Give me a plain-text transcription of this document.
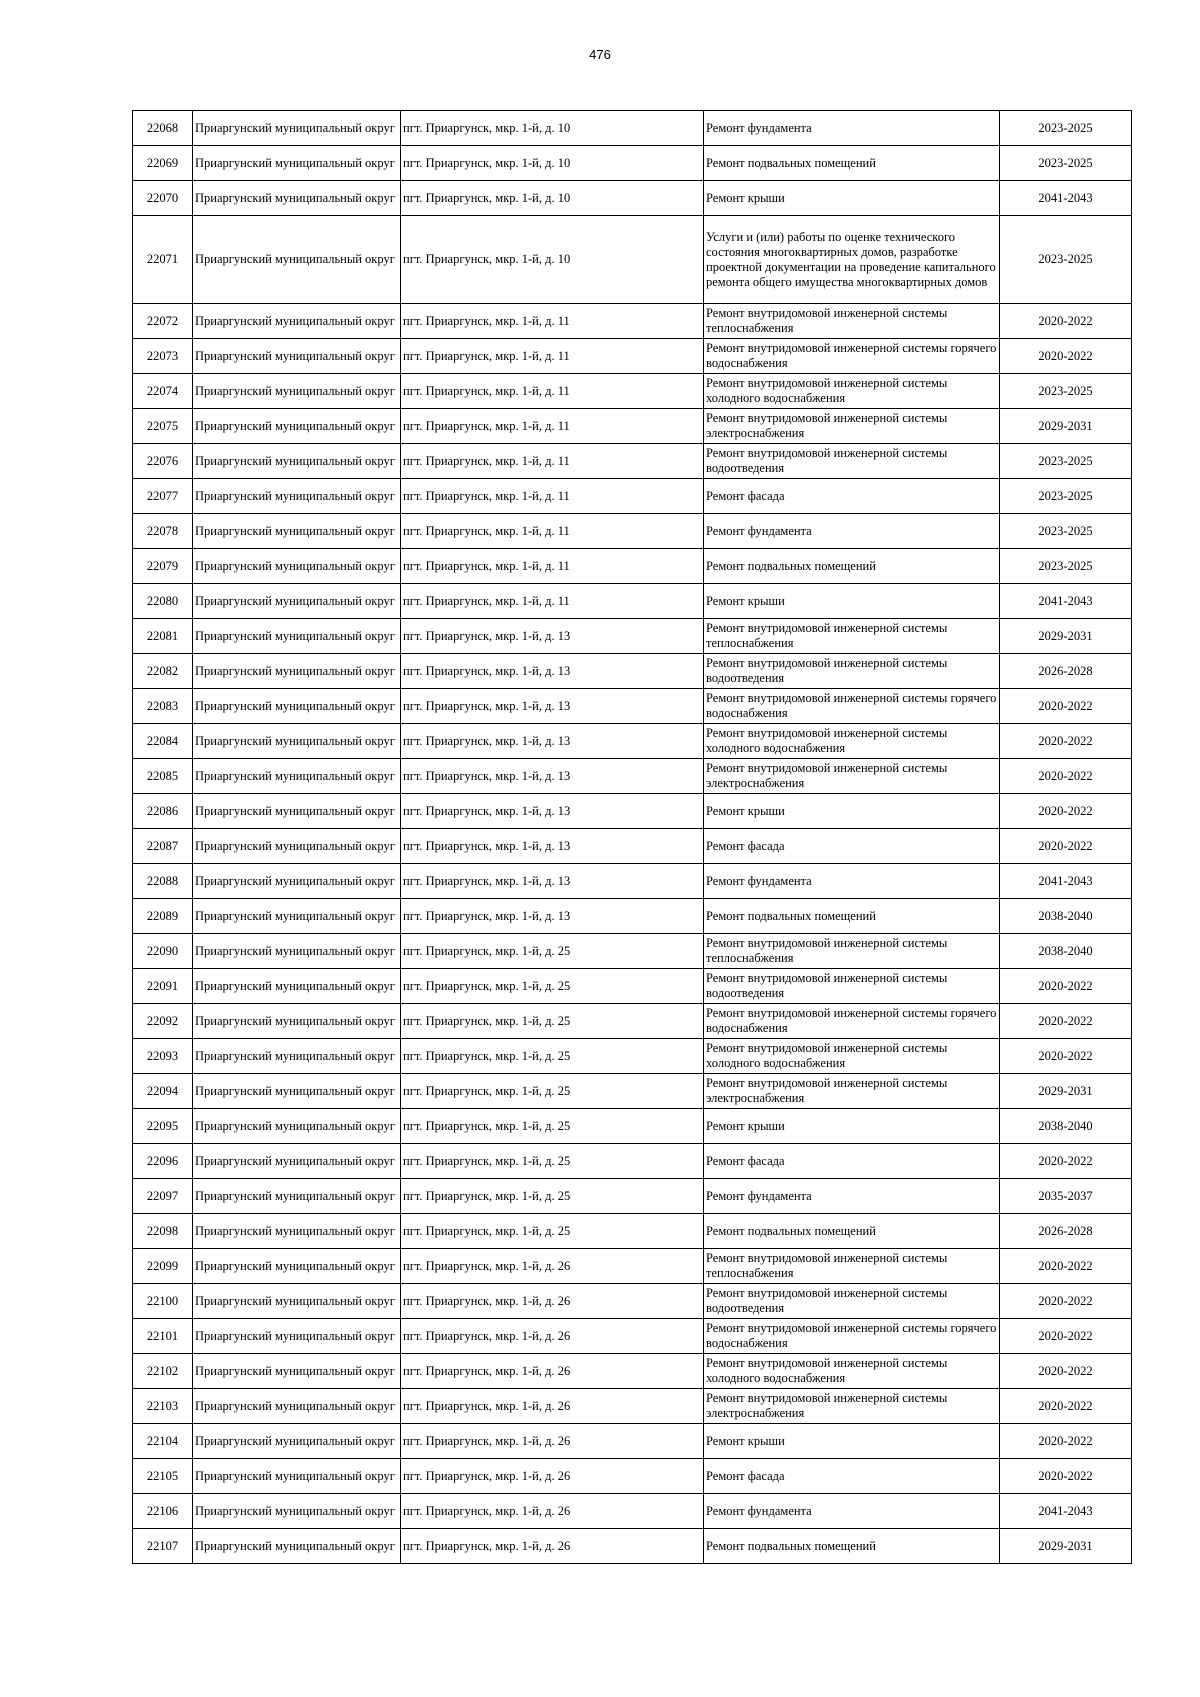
476
22068	Приаргунский муниципальный округ	пгт. Приаргунск, мкр. 1-й, д. 10	Ремонт фундамента	2023-2025
22069	Приаргунский муниципальный округ	пгт. Приаргунск, мкр. 1-й, д. 10	Ремонт подвальных помещений	2023-2025
22070	Приаргунский муниципальный округ	пгт. Приаргунск, мкр. 1-й, д. 10	Ремонт крыши	2041-2043
22071	Приаргунский муниципальный округ	пгт. Приаргунск, мкр. 1-й, д. 10	Услуги и (или) работы по оценке технического состояния многоквартирных домов, разработке проектной документации на проведение капитального ремонта общего имущества многоквартирных домов	2023-2025
22072	Приаргунский муниципальный округ	пгт. Приаргунск, мкр. 1-й, д. 11	Ремонт внутридомовой инженерной системы теплоснабжения	2020-2022
22073	Приаргунский муниципальный округ	пгт. Приаргунск, мкр. 1-й, д. 11	Ремонт внутридомовой инженерной системы горячего водоснабжения	2020-2022
22074	Приаргунский муниципальный округ	пгт. Приаргунск, мкр. 1-й, д. 11	Ремонт внутридомовой инженерной системы холодного водоснабжения	2023-2025
22075	Приаргунский муниципальный округ	пгт. Приаргунск, мкр. 1-й, д. 11	Ремонт внутридомовой инженерной системы электроснабжения	2029-2031
22076	Приаргунский муниципальный округ	пгт. Приаргунск, мкр. 1-й, д. 11	Ремонт внутридомовой инженерной системы водоотведения	2023-2025
22077	Приаргунский муниципальный округ	пгт. Приаргунск, мкр. 1-й, д. 11	Ремонт фасада	2023-2025
22078	Приаргунский муниципальный округ	пгт. Приаргунск, мкр. 1-й, д. 11	Ремонт фундамента	2023-2025
22079	Приаргунский муниципальный округ	пгт. Приаргунск, мкр. 1-й, д. 11	Ремонт подвальных помещений	2023-2025
22080	Приаргунский муниципальный округ	пгт. Приаргунск, мкр. 1-й, д. 11	Ремонт крыши	2041-2043
22081	Приаргунский муниципальный округ	пгт. Приаргунск, мкр. 1-й, д. 13	Ремонт внутридомовой инженерной системы теплоснабжения	2029-2031
22082	Приаргунский муниципальный округ	пгт. Приаргунск, мкр. 1-й, д. 13	Ремонт внутридомовой инженерной системы водоотведения	2026-2028
22083	Приаргунский муниципальный округ	пгт. Приаргунск, мкр. 1-й, д. 13	Ремонт внутридомовой инженерной системы горячего водоснабжения	2020-2022
22084	Приаргунский муниципальный округ	пгт. Приаргунск, мкр. 1-й, д. 13	Ремонт внутридомовой инженерной системы холодного водоснабжения	2020-2022
22085	Приаргунский муниципальный округ	пгт. Приаргунск, мкр. 1-й, д. 13	Ремонт внутридомовой инженерной системы электроснабжения	2020-2022
22086	Приаргунский муниципальный округ	пгт. Приаргунск, мкр. 1-й, д. 13	Ремонт крыши	2020-2022
22087	Приаргунский муниципальный округ	пгт. Приаргунск, мкр. 1-й, д. 13	Ремонт фасада	2020-2022
22088	Приаргунский муниципальный округ	пгт. Приаргунск, мкр. 1-й, д. 13	Ремонт фундамента	2041-2043
22089	Приаргунский муниципальный округ	пгт. Приаргунск, мкр. 1-й, д. 13	Ремонт подвальных помещений	2038-2040
22090	Приаргунский муниципальный округ	пгт. Приаргунск, мкр. 1-й, д. 25	Ремонт внутридомовой инженерной системы теплоснабжения	2038-2040
22091	Приаргунский муниципальный округ	пгт. Приаргунск, мкр. 1-й, д. 25	Ремонт внутридомовой инженерной системы водоотведения	2020-2022
22092	Приаргунский муниципальный округ	пгт. Приаргунск, мкр. 1-й, д. 25	Ремонт внутридомовой инженерной системы горячего водоснабжения	2020-2022
22093	Приаргунский муниципальный округ	пгт. Приаргунск, мкр. 1-й, д. 25	Ремонт внутридомовой инженерной системы холодного водоснабжения	2020-2022
22094	Приаргунский муниципальный округ	пгт. Приаргунск, мкр. 1-й, д. 25	Ремонт внутридомовой инженерной системы электроснабжения	2029-2031
22095	Приаргунский муниципальный округ	пгт. Приаргунск, мкр. 1-й, д. 25	Ремонт крыши	2038-2040
22096	Приаргунский муниципальный округ	пгт. Приаргунск, мкр. 1-й, д. 25	Ремонт фасада	2020-2022
22097	Приаргунский муниципальный округ	пгт. Приаргунск, мкр. 1-й, д. 25	Ремонт фундамента	2035-2037
22098	Приаргунский муниципальный округ	пгт. Приаргунск, мкр. 1-й, д. 25	Ремонт подвальных помещений	2026-2028
22099	Приаргунский муниципальный округ	пгт. Приаргунск, мкр. 1-й, д. 26	Ремонт внутридомовой инженерной системы теплоснабжения	2020-2022
22100	Приаргунский муниципальный округ	пгт. Приаргунск, мкр. 1-й, д. 26	Ремонт внутридомовой инженерной системы водоотведения	2020-2022
22101	Приаргунский муниципальный округ	пгт. Приаргунск, мкр. 1-й, д. 26	Ремонт внутридомовой инженерной системы горячего водоснабжения	2020-2022
22102	Приаргунский муниципальный округ	пгт. Приаргунск, мкр. 1-й, д. 26	Ремонт внутридомовой инженерной системы холодного водоснабжения	2020-2022
22103	Приаргунский муниципальный округ	пгт. Приаргунск, мкр. 1-й, д. 26	Ремонт внутридомовой инженерной системы электроснабжения	2020-2022
22104	Приаргунский муниципальный округ	пгт. Приаргунск, мкр. 1-й, д. 26	Ремонт крыши	2020-2022
22105	Приаргунский муниципальный округ	пгт. Приаргунск, мкр. 1-й, д. 26	Ремонт фасада	2020-2022
22106	Приаргунский муниципальный округ	пгт. Приаргунск, мкр. 1-й, д. 26	Ремонт фундамента	2041-2043
22107	Приаргунский муниципальный округ	пгт. Приаргунск, мкр. 1-й, д. 26	Ремонт подвальных помещений	2029-2031
